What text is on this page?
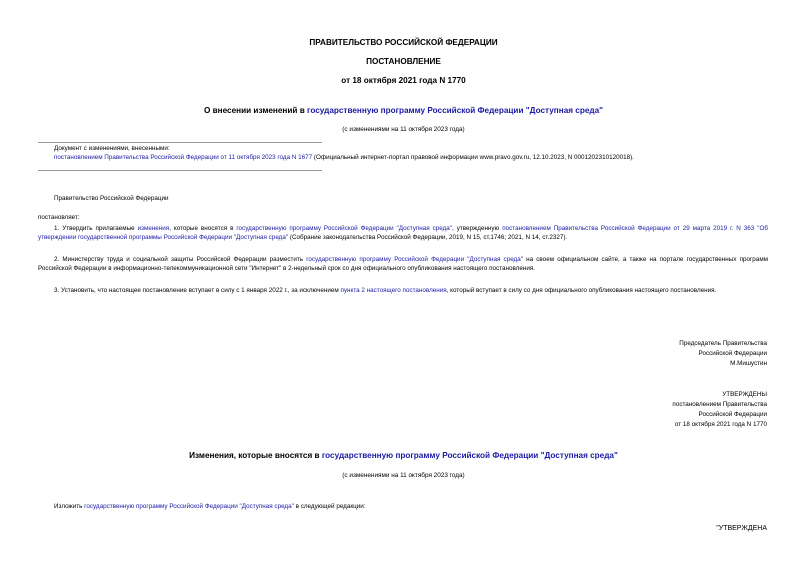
ПРАВИТЕЛЬСТВО РОССИЙСКОЙ ФЕДЕРАЦИИ
ПОСТАНОВЛЕНИЕ
от 18 октября 2021 года N 1770
О внесении изменений в государственную программу Российской Федерации "Доступная среда"
(с изменениями на 11 октября 2023 года)
Документ с изменениями, внесенными:
постановлением Правительства Российской Федерации от 11 октября 2023 года N 1677 (Официальный интернет-портал правовой информации www.pravo.gov.ru, 12.10.2023, N 0001202310120018).
Правительство Российской Федерации
постановляет:
1. Утвердить прилагаемые изменения, которые вносятся в государственную программу Российской Федерации "Доступная среда", утвержденную постановлением Правительства Российской Федерации от 29 марта 2019 г. N 363 "Об утверждении государственной программы Российской Федерации "Доступная среда" (Собрание законодательства Российской Федерации, 2019, N 15, ст.1746; 2021, N 14, ст.2327).
2. Министерству труда и социальной защиты Российской Федерации разместить государственную программу Российской Федерации "Доступная среда" на своем официальном сайте, а также на портале государственных программ Российской Федерации в информационно-телекоммуникационной сети "Интернет" в 2-недельный срок со дня официального опубликования настоящего постановления.
3. Установить, что настоящее постановление вступает в силу с 1 января 2022 г., за исключением пункта 2 настоящего постановления, который вступает в силу со дня официального опубликования настоящего постановления.
Председатель Правительства
Российской Федерации
М.Мишустин
УТВЕРЖДЕНЫ
постановлением Правительства
Российской Федерации
от 18 октября 2021 года N 1770
Изменения, которые вносятся в государственную программу Российской Федерации "Доступная среда"
(с изменениями на 11 октября 2023 года)
Изложить государственную программу Российской Федерации "Доступная среда" в следующей редакции:
"УТВЕРЖДЕНА
